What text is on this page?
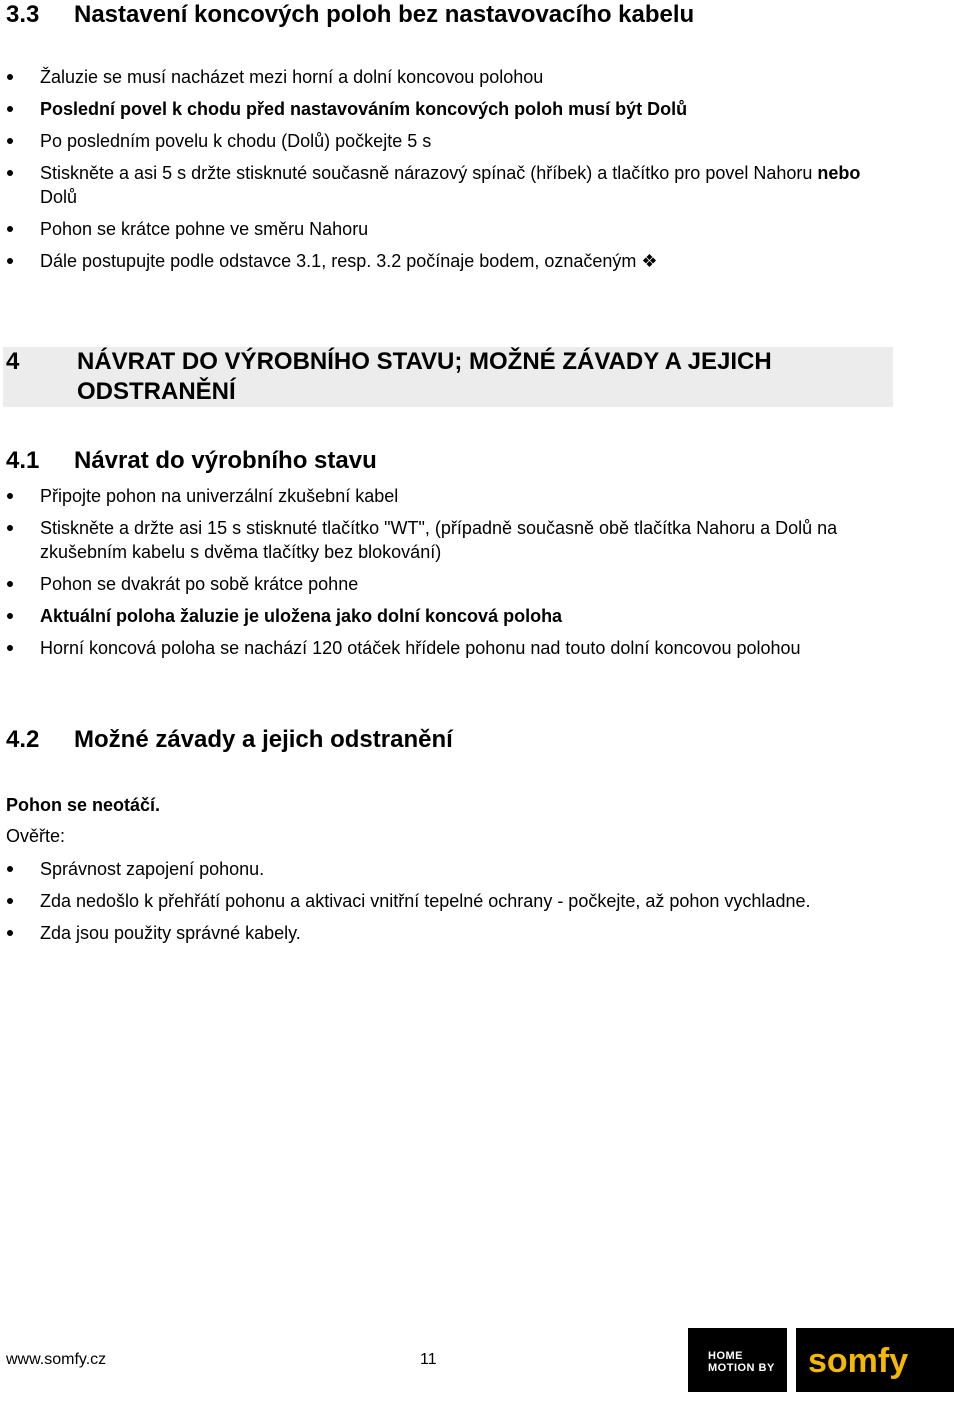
3.3	Nastavení koncových poloh bez nastavovacího kabelu
Žaluzie se musí nacházet mezi horní a dolní koncovou polohou
Poslední povel k chodu před nastavováním koncových poloh musí být Dolů
Po posledním povelu k chodu (Dolů) počkejte 5 s
Stiskněte a asi 5 s držte stisknuté současně nárazový spínač (hříbek) a tlačítko pro povel Nahoru nebo Dolů
Pohon se krátce pohne ve směru Nahoru
Dále postupujte podle odstavce 3.1, resp. 3.2 počínaje bodem, označeným ❖
4	NÁVRAT DO VÝROBNÍHO STAVU; MOŽNÉ ZÁVADY A JEJICH ODSTRANĚNÍ
4.1	Návrat do výrobního stavu
Připojte pohon na univerzální zkušební kabel
Stiskněte a držte asi 15 s stisknuté tlačítko "WT", (případně současně obě tlačítka Nahoru a Dolů na zkušebním kabelu s dvěma tlačítky bez blokování)
Pohon se dvakrát po sobě krátce pohne
Aktuální poloha žaluzie je uložena jako dolní koncová poloha
Horní koncová poloha se nachází 120 otáček hřídele pohonu nad touto dolní koncovou polohou
4.2	Možné závady a jejich odstranění
Pohon se neotáčí.
Ověřte:
Správnost zapojení pohonu.
Zda nedošlo k přehřátí pohonu a aktivaci vnitřní tepelné ochrany - počkejte, až pohon vychladne.
Zda jsou použity správné kabely.
www.somfy.cz	11	HOME
MOTION BY somfy
